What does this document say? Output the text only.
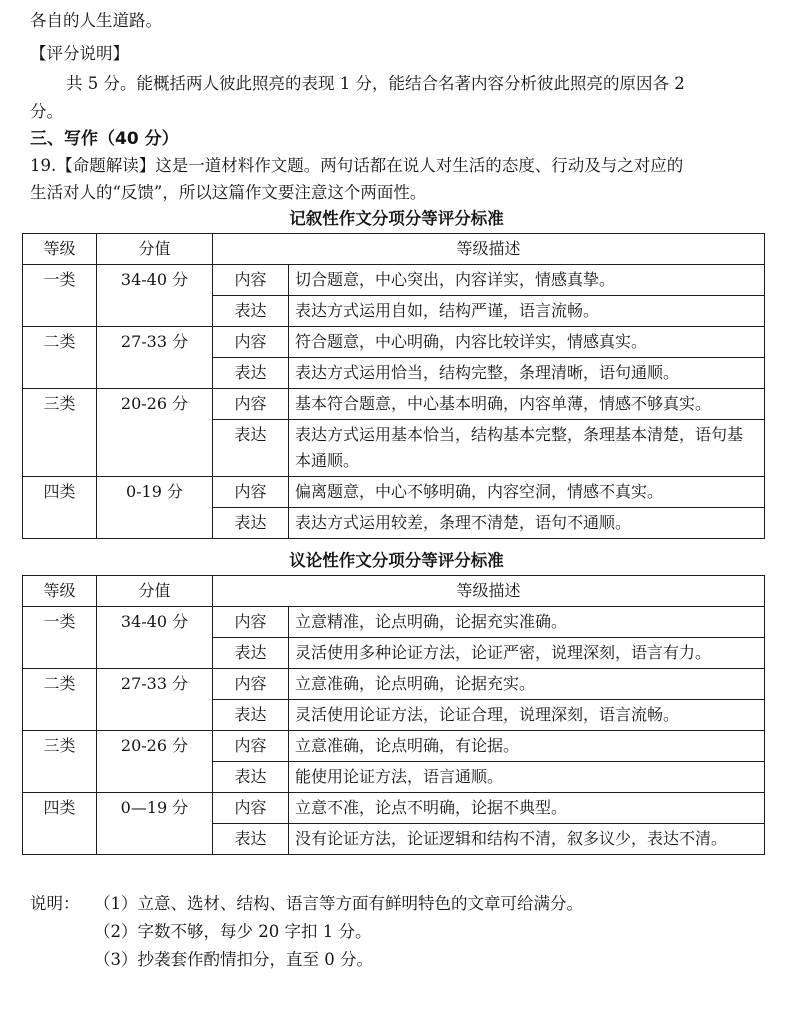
各自的人生道路。
【评分说明】
共 5 分。能概括两人彼此照亮的表现 1 分，能结合名著内容分析彼此照亮的原因各 2
分。
三、写作（40 分）
19.【命题解读】这是一道材料作文题。两句话都在说人对生活的态度、行动及与之对应的
生活对人的“反馈”，所以这篇作文要注意这个两面性。
记叙性作文分项分等评分标准
等级	分值	等级描述	
一类	34-40 分	内容	切合题意，中心突出，内容详实，情感真挚。
		表达	表达方式运用自如，结构严谨，语言流畅。
二类	27-33 分	内容	符合题意，中心明确，内容比较详实，情感真实。
		表达	表达方式运用恰当，结构完整，条理清晰，语句通顺。
三类	20-26 分	内容	基本符合题意，中心基本明确，内容单薄，情感不够真实。
		表达	表达方式运用基本恰当，结构基本完整，条理基本清楚，语句基本通顺。
四类	0-19 分	内容	偏离题意，中心不够明确，内容空洞，情感不真实。
		表达	表达方式运用较差，条理不清楚，语句不通顺。
议论性作文分项分等评分标准
等级	分值	等级描述	
一类	34-40 分	内容	立意精准，论点明确，论据充实准确。
		表达	灵活使用多种论证方法，论证严密，说理深刻，语言有力。
二类	27-33 分	内容	立意准确，论点明确，论据充实。
		表达	灵活使用论证方法，论证合理，说理深刻，语言流畅。
三类	20-26 分	内容	立意准确，论点明确，有论据。
		表达	能使用论证方法，语言通顺。
四类	0—19 分	内容	立意不准，论点不明确，论据不典型。
		表达	没有论证方法，论证逻辑和结构不清，叙多议少，表达不清。
说明： （1）立意、选材、结构、语言等方面有鲜明特色的文章可给满分。
（2）字数不够，每少 20 字扣 1 分。
（3）抄袭套作酌情扣分，直至 0 分。
